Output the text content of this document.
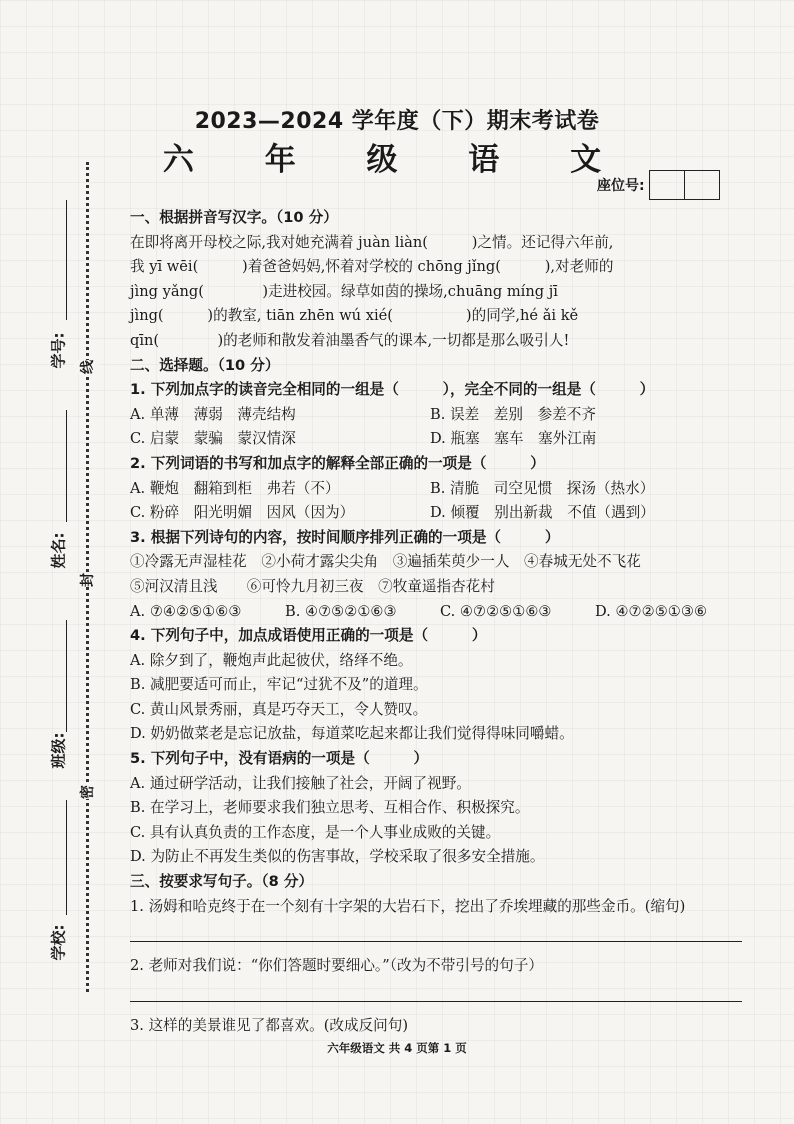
学号:
姓名:
班级:
学校:
线
封
密
2023—2024 学年度（下）期末考试卷
六 年 级 语 文
座位号:
一、根据拼音写汉字。（10 分）
在即将离开母校之际,我对她充满着 juàn liàn(　　　)之情。还记得六年前,
我 yī wēi(　　　)着爸爸妈妈,怀着对学校的 chōng jǐng(　　　),对老师的
jìng yǎng(　　　　)走进校园。绿草如茵的操场,chuāng míng jī
jìng(　　　)的教室, tiān zhēn wú xié(　　　　　)的同学,hé ǎi kě
qīn(　　　　)的老师和散发着油墨香气的课本,一切都是那么吸引人!
二、选择题。（10 分）
1. 下列加点字的读音完全相同的一组是（　　　），完全不同的一组是（　　　）
A. 单薄　薄弱　薄壳结构	B. 误差　差别　参差不齐
C. 启蒙　蒙骗　蒙汉情深	D. 瓶塞　塞车　塞外江南
2. 下列词语的书写和加点字的解释全部正确的一项是（　　　）
A. 鞭炮　翻箱到柜　弗若（不）	B. 清脆　司空见惯　探汤（热水）
C. 粉碎　阳光明媚　因风（因为）	D. 倾覆　别出新裁　不值（遇到）
3. 根据下列诗句的内容，按时间顺序排列正确的一项是（　　　）
①冷露无声湿桂花　②小荷才露尖尖角　③遍插茱萸少一人　④春城无处不飞花
⑤河汉清且浅　　⑥可怜九月初三夜　⑦牧童遥指杏花村
A. ⑦④②⑤①⑥③	B. ④⑦⑤②①⑥③	C. ④⑦②⑤①⑥③	D. ④⑦②⑤①③⑥
4. 下列句子中，加点成语使用正确的一项是（　　　）
A. 除夕到了，鞭炮声此起彼伏，络绎不绝。
B. 减肥要适可而止，牢记“过犹不及”的道理。
C. 黄山风景秀丽，真是巧夺天工，令人赞叹。
D. 奶奶做菜老是忘记放盐，每道菜吃起来都让我们觉得得味同嚼蜡。
5. 下列句子中，没有语病的一项是（　　　）
A. 通过研学活动，让我们接触了社会，开阔了视野。
B. 在学习上，老师要求我们独立思考、互相合作、积极探究。
C. 具有认真负责的工作态度，是一个人事业成败的关键。
D. 为防止不再发生类似的伤害事故，学校采取了很多安全措施。
三、按要求写句子。（8 分）
1. 汤姆和哈克终于在一个刻有十字架的大岩石下，挖出了乔埃埋藏的那些金币。(缩句)
2. 老师对我们说：“你们答题时要细心。”（改为不带引号的句子）
3. 这样的美景谁见了都喜欢。(改成反问句)
六年级语文 共 4 页第 1 页
